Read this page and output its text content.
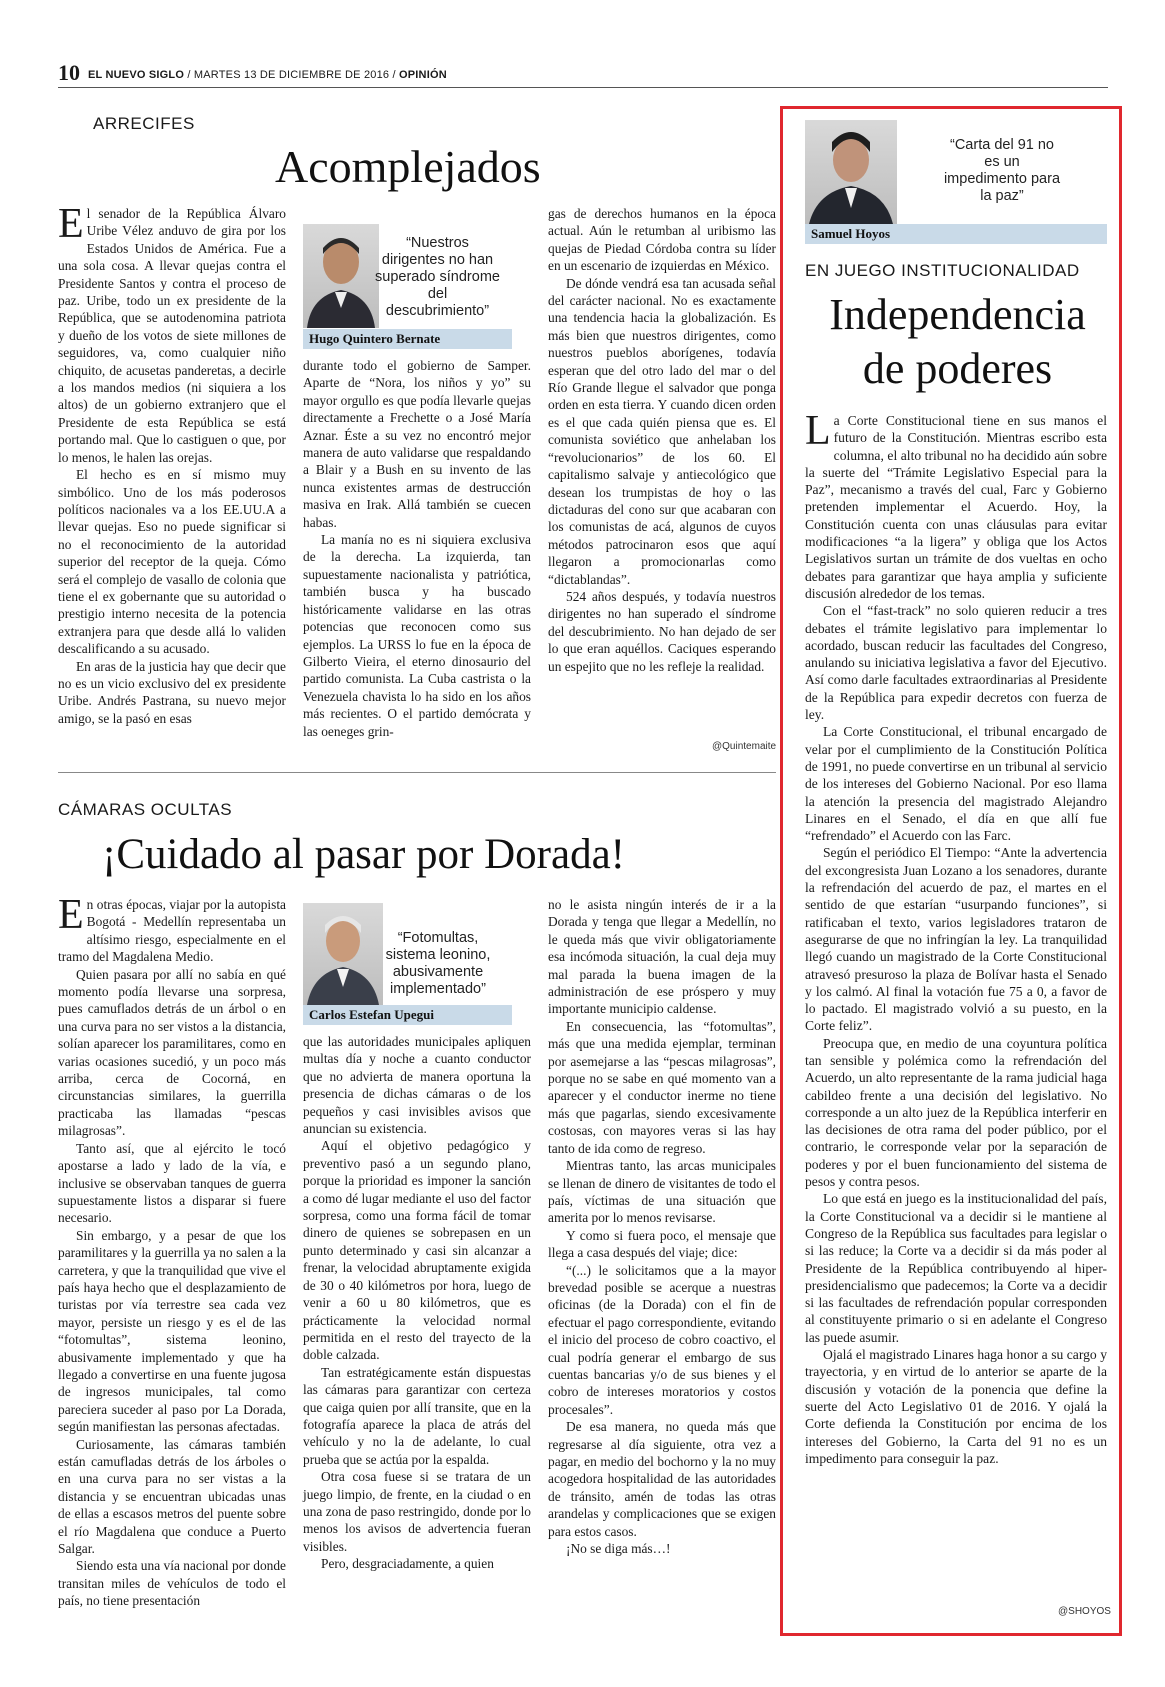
10 EL NUEVO SIGLO / MARTES 13 DE DICIEMBRE DE 2016 / OPINIÓN
ARRECIFES
Acomplejados

El senador de la República Álvaro Uribe Vélez anduvo de gira por los Estados Unidos de América. Fue a una sola cosa. A llevar quejas contra el Presidente Santos y contra el proceso de paz. Uribe, todo un ex presidente de la República, que se autodenomina patriota y dueño de los votos de siete millones de seguidores, va, como cualquier niño chiquito, de acusetas panderetas, a decirle a los mandos medios (ni siquiera a los altos) de un gobierno extranjero que el Presidente de esta República se está portando mal. Que lo castiguen o que, por lo menos, le halen las orejas.

El hecho es en sí mismo muy simbólico. Uno de los más poderosos políticos nacionales va a los EE.UU.A a llevar quejas. Eso no puede significar si no el reconocimiento de la autoridad superior del receptor de la queja. Cómo será el complejo de vasallo de colonia que tiene el ex gobernante que su autoridad o prestigio interno necesita de la potencia extranjera para que desde allá lo validen descalificando a su acusado.

En aras de la justicia hay que decir que no es un vicio exclusivo del ex presidente Uribe. Andrés Pastrana, su nuevo mejor amigo, se la pasó en esas

“Nuestros dirigentes no han superado síndrome del descubrimiento”
Hugo Quintero Bernate

durante todo el gobierno de Samper. Aparte de “Nora, los niños y yo” su mayor orgullo es que podía llevarle quejas directamente a Frechette o a José María Aznar. Éste a su vez no encontró mejor manera de auto validarse que respaldando a Blair y a Bush en su invento de las nunca existentes armas de destrucción masiva en Irak. Allá también se cuecen habas.

La manía no es ni siquiera exclusiva de la derecha. La izquierda, tan supuestamente nacionalista y patriótica, también busca y ha buscado históricamente validarse en las otras potencias que reconocen como sus ejemplos. La URSS lo fue en la época de Gilberto Vieira, el eterno dinosaurio del partido comunista. La Cuba castrista o la Venezuela chavista lo ha sido en los años más recientes. O el partido demócrata y las oeneges grin-

gas de derechos humanos en la época actual. Aún le retumban al uribismo las quejas de Piedad Córdoba contra su líder en un escenario de izquierdas en México.

De dónde vendrá esa tan acusada señal del carácter nacional. No es exactamente una tendencia hacia la globalización. Es más bien que nuestros dirigentes, como nuestros pueblos aborígenes, todavía esperan que del otro lado del mar o del Río Grande llegue el salvador que ponga orden en esta tierra. Y cuando dicen orden es el que cada quién piensa que es. El comunista soviético que anhelaban los “revolucionarios” de los 60. El capitalismo salvaje y antiecológico que desean los trumpistas de hoy o las dictaduras del cono sur que acabaran con los comunistas de acá, algunos de cuyos métodos patrocinaron esos que aquí llegaron a promocionarlas como “dictablandas”.

524 años después, y todavía nuestros dirigentes no han superado el síndrome del descubrimiento. No han dejado de ser lo que eran aquéllos. Caciques esperando un espejito que no les refleje la realidad.

@Quintemaite
CÁMARAS OCULTAS
¡Cuidado al pasar por Dorada!

En otras épocas, viajar por la autopista Bogotá - Medellín representaba un altísimo riesgo, especialmente en el tramo del Magdalena Medio.

Quien pasara por allí no sabía en qué momento podía llevarse una sorpresa, pues camuflados detrás de un árbol o en una curva para no ser vistos a la distancia, solían aparecer los paramilitares, como en varias ocasiones sucedió, y un poco más arriba, cerca de Cocorná, en circunstancias similares, la guerrilla practicaba las llamadas “pescas milagrosas”.

Tanto así, que al ejército le tocó apostarse a lado y lado de la vía, e inclusive se observaban tanques de guerra supuestamente listos a disparar si fuere necesario.

Sin embargo, y a pesar de que los paramilitares y la guerrilla ya no salen a la carretera, y que la tranquilidad que vive el país haya hecho que el desplazamiento de turistas por vía terrestre sea cada vez mayor, persiste un riesgo y es el de las “fotomultas”, sistema leonino, abusivamente implementado y que ha llegado a convertirse en una fuente jugosa de ingresos municipales, tal como pareciera suceder al paso por La Dorada, según manifiestan las personas afectadas.

Curiosamente, las cámaras también están camufladas detrás de los árboles o en una curva para no ser vistas a la distancia y se encuentran ubicadas unas de ellas a escasos metros del puente sobre el río Magdalena que conduce a Puerto Salgar.

Siendo esta una vía nacional por donde transitan miles de vehículos de todo el país, no tiene presentación

“Fotomultas, sistema leonino, abusivamente implementado”
Carlos Estefan Upegui

que las autoridades municipales apliquen multas día y noche a cuanto conductor que no advierta de manera oportuna la presencia de dichas cámaras o de los pequeños y casi invisibles avisos que anuncian su existencia.

Aquí el objetivo pedagógico y preventivo pasó a un segundo plano, porque la prioridad es imponer la sanción a como dé lugar mediante el uso del factor sorpresa, como una forma fácil de tomar dinero de quienes se sobrepasen en un punto determinado y casi sin alcanzar a frenar, la velocidad abruptamente exigida de 30 o 40 kilómetros por hora, luego de venir a 60 u 80 kilómetros, que es prácticamente la velocidad normal permitida en el resto del trayecto de la doble calzada.

Tan estratégicamente están dispuestas las cámaras para garantizar con certeza que caiga quien por allí transite, que en la fotografía aparece la placa de atrás del vehículo y no la de adelante, lo cual prueba que se actúa por la espalda.

Otra cosa fuese si se tratara de un juego limpio, de frente, en la ciudad o en una zona de paso restringido, donde por lo menos los avisos de advertencia fueran visibles.

Pero, desgraciadamente, a quien

no le asista ningún interés de ir a la Dorada y tenga que llegar a Medellín, no le queda más que vivir obligatoriamente esa incómoda situación, la cual deja muy mal parada la buena imagen de la administración de ese próspero y muy importante municipio caldense.

En consecuencia, las “fotomultas”, más que una medida ejemplar, terminan por asemejarse a las “pescas milagrosas”, porque no se sabe en qué momento van a aparecer y el conductor inerme no tiene más que pagarlas, siendo excesivamente costosas, con mayores veras si las hay tanto de ida como de regreso.

Mientras tanto, las arcas municipales se llenan de dinero de visitantes de todo el país, víctimas de una situación que amerita por lo menos revisarse.

Y como si fuera poco, el mensaje que llega a casa después del viaje; dice:

“(...) le solicitamos que a la mayor brevedad posible se acerque a nuestras oficinas (de la Dorada) con el fin de efectuar el pago correspondiente, evitando el inicio del proceso de cobro coactivo, el cual podría generar el embargo de sus cuentas bancarias y/o de sus bienes y el cobro de intereses moratorios y costos procesales”.

De esa manera, no queda más que regresarse al día siguiente, otra vez a pagar, en medio del bochorno y la no muy acogedora hospitalidad de las autoridades de tránsito, amén de todas las otras arandelas y complicaciones que se exigen para estos casos.

¡No se diga más…!

“Carta del 91 no es un impedimento para la paz”
Samuel Hoyos
EN JUEGO INSTITUCIONALIDAD
Independencia
de poderes

La Corte Constitucional tiene en sus manos el futuro de la Constitución. Mientras escribo esta columna, el alto tribunal no ha decidido aún sobre la suerte del “Trámite Legislativo Especial para la Paz”, mecanismo a través del cual, Farc y Gobierno pretenden implementar el Acuerdo. Hoy, la Constitución cuenta con unas cláusulas para evitar modificaciones “a la ligera” y obliga que los Actos Legislativos surtan un trámite de dos vueltas en ocho debates para garantizar que haya amplia y suficiente discusión alrededor de los temas.

Con el “fast-track” no solo quieren reducir a tres debates el trámite legislativo para implementar lo acordado, buscan reducir las facultades del Congreso, anulando su iniciativa legislativa a favor del Ejecutivo. Así como darle facultades extraordinarias al Presidente de la República para expedir decretos con fuerza de ley.

La Corte Constitucional, el tribunal encargado de velar por el cumplimiento de la Constitución Política de 1991, no puede convertirse en un tribunal al servicio de los intereses del Gobierno Nacional. Por eso llama la atención la presencia del magistrado Alejandro Linares en el Senado, el día en que allí fue “refrendado” el Acuerdo con las Farc.

Según el periódico El Tiempo: “Ante la advertencia del excongresista Juan Lozano a los senadores, durante la refrendación del acuerdo de paz, el martes en el sentido de que estarían “usurpando funciones”, si ratificaban el texto, varios legisladores trataron de asegurarse de que no infringían la ley. La tranquilidad llegó cuando un magistrado de la Corte Constitucional atravesó presuroso la plaza de Bolívar hasta el Senado y los calmó. Al final la votación fue 75 a 0, a favor de lo pactado. El magistrado volvió a su puesto, en la Corte feliz”.

Preocupa que, en medio de una coyuntura política tan sensible y polémica como la refrendación del Acuerdo, un alto representante de la rama judicial haga cabildeo frente a una decisión del legislativo. No corresponde a un alto juez de la República interferir en las decisiones de otra rama del poder público, por el contrario, le corresponde velar por la separación de poderes y por el buen funcionamiento del sistema de pesos y contra pesos.

Lo que está en juego es la institucionalidad del país, la Corte Constitucional va a decidir si le mantiene al Congreso de la República sus facultades para legislar o si las reduce; la Corte va a decidir si da más poder al Presidente de la República contribuyendo al hiper-presidencialismo que padecemos; la Corte va a decidir si las facultades de refrendación popular corresponden al constituyente primario o si en adelante el Congreso las puede asumir.

Ojalá el magistrado Linares haga honor a su cargo y trayectoria, y en virtud de lo anterior se aparte de la discusión y votación de la ponencia que define la suerte del Acto Legislativo 01 de 2016. Y ojalá la Corte defienda la Constitución por encima de los intereses del Gobierno, la Carta del 91 no es un impedimento para conseguir la paz.

@SHOYOS
